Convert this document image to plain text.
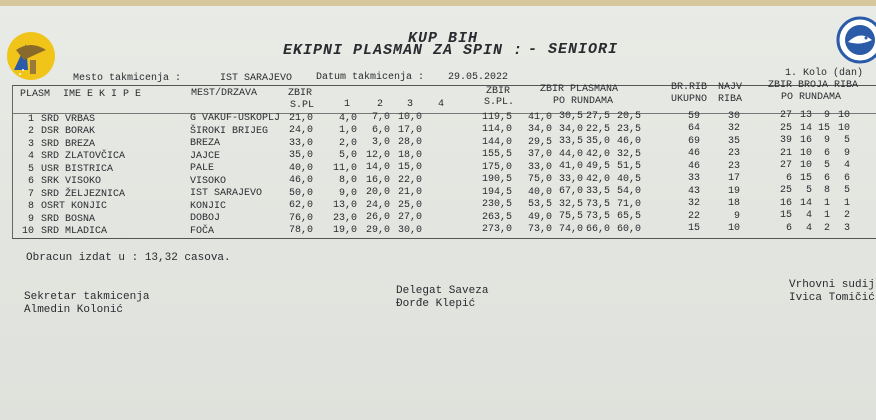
KUP BIH
EKIPNI PLASMAN ZA SPIN : - SENIORI
Mesto takmicenja :	IST SARAJEVO Datum takmicenja : 29.05.2022	1. Kolo (dan)
PLASM IME E K I P E	MEST/DRZAVA	ZBIR
S.PL	1	2 3 4
ZBIR
S.PL.
ZBIR PLASMANA
PO RUNDAMA
BR.RIB
UKUPNO
NAJV
RIBA
ZBIR BROJA RIBA
PO RUNDAMA
1 SRD VRBAS	G VAKUF-USKOPLJ 21,0	4,0	7,0 10,0	119,5 41,0 30,5 27,5 20,5	59	30	27 13	9 10
2 DSR BORAK	ŠIROKI BRIJEG 24,0	1,0	6,0 17,0	114,0 34,0 34,0 22,5 23,5	64	32	25 14 15 10
3 SRD BREZA	BREZA	33,0	2,0	3,0 28,0	144,0 29,5 33,5 35,0 46,0	69	35	39 16	9	5
4 SRD ZLATOVČICA	JAJCE	35,0	5,0 12,0 18,0	155,5 37,0 44,0 42,0 32,5	46	23	21 10	6	9
5 USR BISTRICA	PALE	40,0	11,0 14,0 15,0	175,0 33,0 41,0 49,5 51,5	46	23	27 10	5	4
6 SRK VISOKO	VISOKO	46,0	8,0 16,0 22,0	190,5 75,0 33,0 42,0 40,5	33	17	6 15	6	6
7 SRD ŽELJEZNICA	IST SARAJEVO	50,0	9,0 20,0 21,0	194,5 40,0 67,0 33,5 54,0	43	19	25	5	8	5
8 OSRT KONJIC	KONJIC	62,0	13,0 24,0 25,0	230,5 53,5 32,5 73,5 71,0	32	18	16 14	1	1
9 SRD BOSNA	DOBOJ	76,0	23,0 26,0 27,0	263,5 49,0 75,5 73,5 65,5	22	9	15	4	1	2
10 SRD MLADICA	FOČA	78,0	19,0 29,0 30,0	273,0 73,0 74,0 66,0 60,0	15	10	6	4	2	3
Obracun izdat u : 13,32 casova.
Sekretar takmicenja
Almedin Kolonić
Delegat Saveza
Đorđe Klepić
Vrhovni sudij
Ivica Tomičić
